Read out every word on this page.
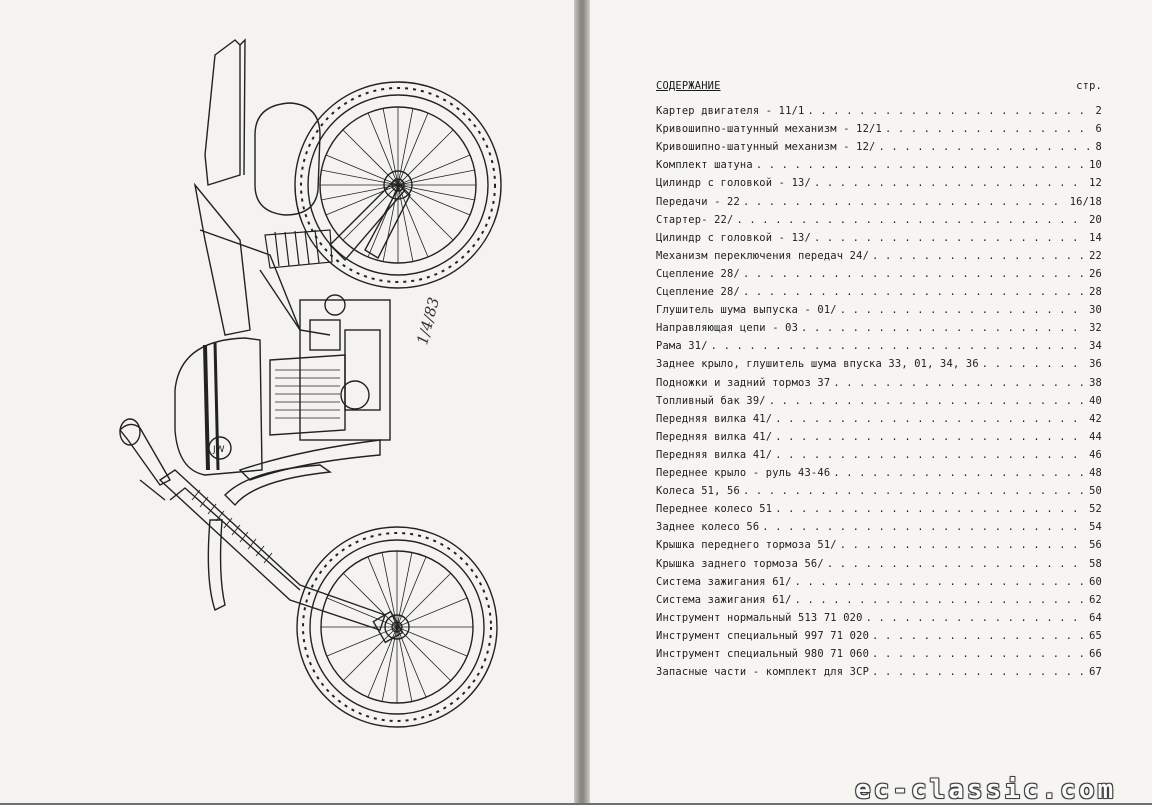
JW
1/4/83
СОДЕРЖАНИЕ	стр.
Картер двигателя - 11/1 . . .	2
Кривошипно-шатунный механизм - 12/1 . . .	6
Кривошипно-шатунный механизм - 12/ . . .	8
Комплект шатуна . . .	10
Цилиндр с головкой - 13/ . . .	12
Передачи - 22 . . .	16/18
Стартер- 22/ . . .	20
Цилиндр с головкой - 13/ . . .	14
Механизм переключения передач 24/ . . .	22
Сцепление 28/ . . .	26
Сцепление 28/ . . .	28
Глушитель шума выпуска - 01/ . . .	30
Направляющая цепи - 03 . . .	32
Рама 31/ . . .	34
Заднее крыло, глушитель шума впуска 33, 01, 34, 36 . . .	36
Подножки и задний тормоз 37 . . .	38
Топливный бак 39/ . . .	40
Передняя вилка 41/ . . .	42
Передняя вилка 41/ . . .	44
Передняя вилка 41/ . . .	46
Переднее крыло - руль 43-46 . . .	48
Колеса 51, 56 . . .	50
Переднее колесо 51 . . .	52
Заднее колесо 56 . . .	54
Крышка переднего тормоза 51/ . . .	56
Крышка заднего тормоза 56/ . . .	58
Система зажигания 61/ . . .	60
Система зажигания 61/ . . .	62
Инструмент нормальный 513 71 020 . . .	64
Инструмент специальный 997 71 020 . . .	65
Инструмент специальный 980 71 060 . . .	66
Запасные части - комплект для ЗСР . . .	67
ec-classic.com
